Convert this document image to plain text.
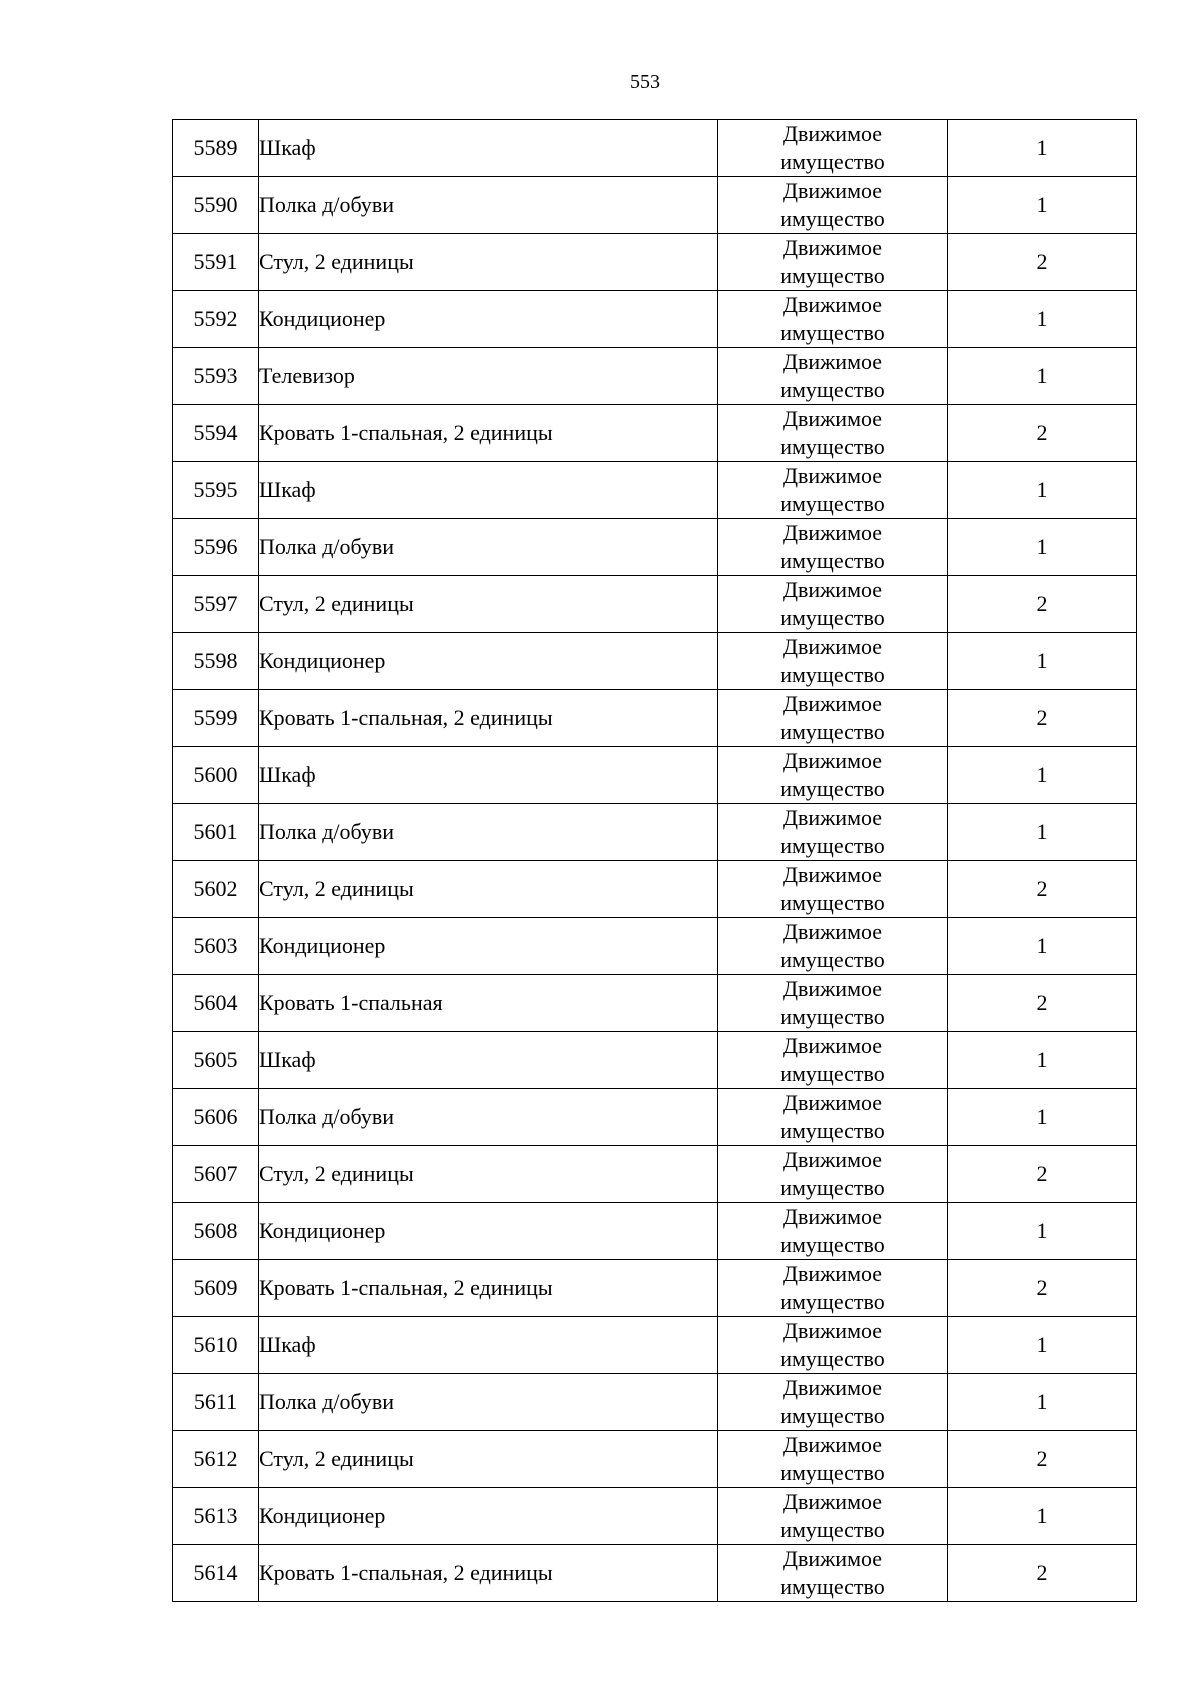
553
5589	Шкаф	Движимое
имущество	1
5590	Полка д/обуви	Движимое
имущество	1
5591	Стул, 2 единицы	Движимое
имущество	2
5592	Кондиционер	Движимое
имущество	1
5593	Телевизор	Движимое
имущество	1
5594	Кровать 1-спальная, 2 единицы	Движимое
имущество	2
5595	Шкаф	Движимое
имущество	1
5596	Полка д/обуви	Движимое
имущество	1
5597	Стул, 2 единицы	Движимое
имущество	2
5598	Кондиционер	Движимое
имущество	1
5599	Кровать 1-спальная, 2 единицы	Движимое
имущество	2
5600	Шкаф	Движимое
имущество	1
5601	Полка д/обуви	Движимое
имущество	1
5602	Стул, 2 единицы	Движимое
имущество	2
5603	Кондиционер	Движимое
имущество	1
5604	Кровать 1-спальная	Движимое
имущество	2
5605	Шкаф	Движимое
имущество	1
5606	Полка д/обуви	Движимое
имущество	1
5607	Стул, 2 единицы	Движимое
имущество	2
5608	Кондиционер	Движимое
имущество	1
5609	Кровать 1-спальная, 2 единицы	Движимое
имущество	2
5610	Шкаф	Движимое
имущество	1
5611	Полка д/обуви	Движимое
имущество	1
5612	Стул, 2 единицы	Движимое
имущество	2
5613	Кондиционер	Движимое
имущество	1
5614	Кровать 1-спальная, 2 единицы	Движимое
имущество	2
